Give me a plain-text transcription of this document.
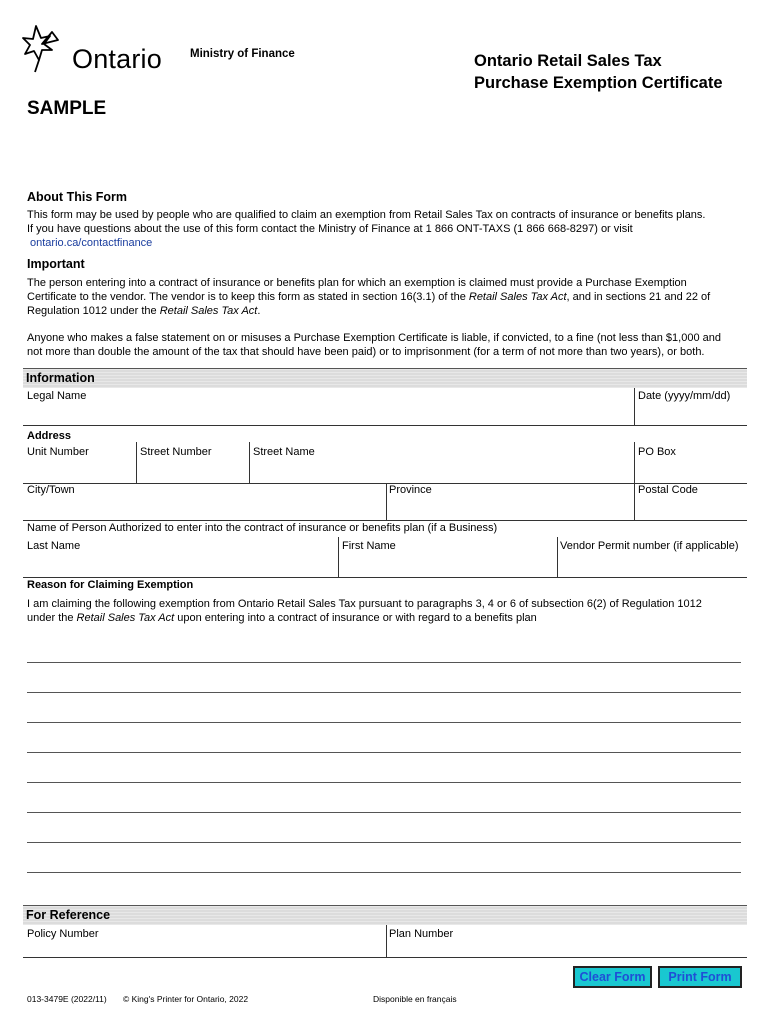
Ontario Ministry of Finance	Ontario Retail Sales Tax
Purchase Exemption Certificate
SAMPLE
About This Form
This form may be used by people who are qualified to claim an exemption from Retail Sales Tax on contracts of insurance or benefits plans.
If you have questions about the use of this form contact the Ministry of Finance at 1 866 ONT-TAXS (1 866 668-8297) or visit
ontario.ca/contactfinance
Important
The person entering into a contract of insurance or benefits plan for which an exemption is claimed must provide a Purchase Exemption
Certificate to the vendor. The vendor is to keep this form as stated in section 16(3.1) of the Retail Sales Tax Act, and in sections 21 and 22 of
Regulation 1012 under the Retail Sales Tax Act.
Anyone who makes a false statement on or misuses a Purchase Exemption Certificate is liable, if convicted, to a fine (not less than $1,000 and
not more than double the amount of the tax that should have been paid) or to imprisonment (for a term of not more than two years), or both.
Information
Legal Name	Date (yyyy/mm/dd)
Address
Unit Number	Street Number	Street Name	PO Box
City/Town	Province	Postal Code
Name of Person Authorized to enter into the contract of insurance or benefits plan (if a Business)
Last Name	First Name	Vendor Permit number (if applicable)
Reason for Claiming Exemption
I am claiming the following exemption from Ontario Retail Sales Tax pursuant to paragraphs 3, 4 or 6 of subsection 6(2) of Regulation 1012
under the Retail Sales Tax Act upon entering into a contract of insurance or with regard to a benefits plan
For Reference
Policy Number	Plan Number
Clear Form	Print Form
013-3479E (2022/11) © King's Printer for Ontario, 2022	Disponible en français
